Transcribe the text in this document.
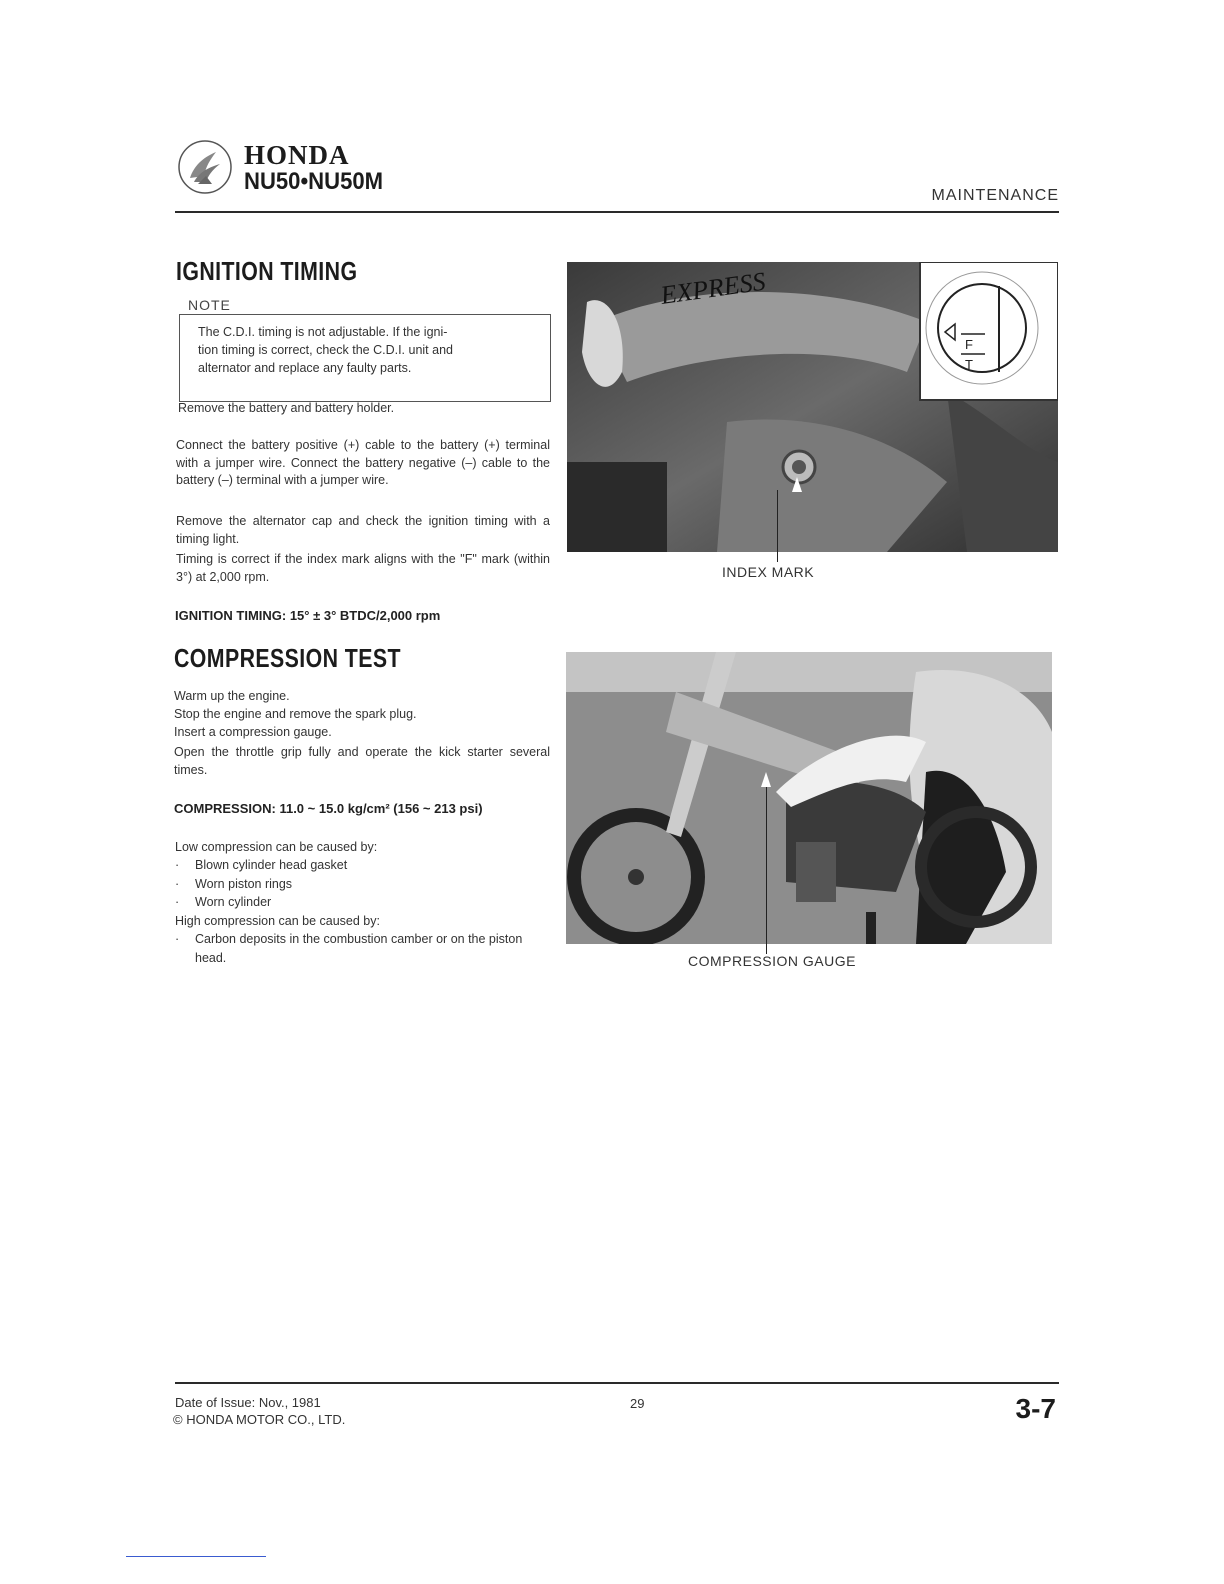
HONDA
NU50•NU50M
MAINTENANCE
IGNITION TIMING
NOTE
The C.D.I. timing is not adjustable. If the igni-
tion timing is correct, check the C.D.I. unit and
alternator and replace any faulty parts.
Remove the battery and battery holder.
Connect the battery positive (+) cable to the battery (+) terminal with a jumper wire. Connect the battery negative (–) cable to the battery (–) terminal with a jumper wire.
Remove the alternator cap and check the ignition timing with a timing light.
Timing is correct if the index mark aligns with the "F" mark (within 3°) at 2,000 rpm.
IGNITION TIMING: 15° ± 3° BTDC/2,000 rpm
EXPRESS
F
T
INDEX MARK
COMPRESSION TEST
Warm up the engine.
Stop the engine and remove the spark plug.
Insert a compression gauge.
Open the throttle grip fully and operate the kick starter several times.
COMPRESSION: 11.0 ~ 15.0 kg/cm² (156 ~ 213 psi)
Low compression can be caused by:
· Blown cylinder head gasket
· Worn piston rings
· Worn cylinder
High compression can be caused by:
·	Carbon deposits in the combustion camber or on the piston head.	COMPRESSION GAUGE
Date of Issue: Nov., 1981
© HONDA MOTOR CO., LTD.
29	3-7
